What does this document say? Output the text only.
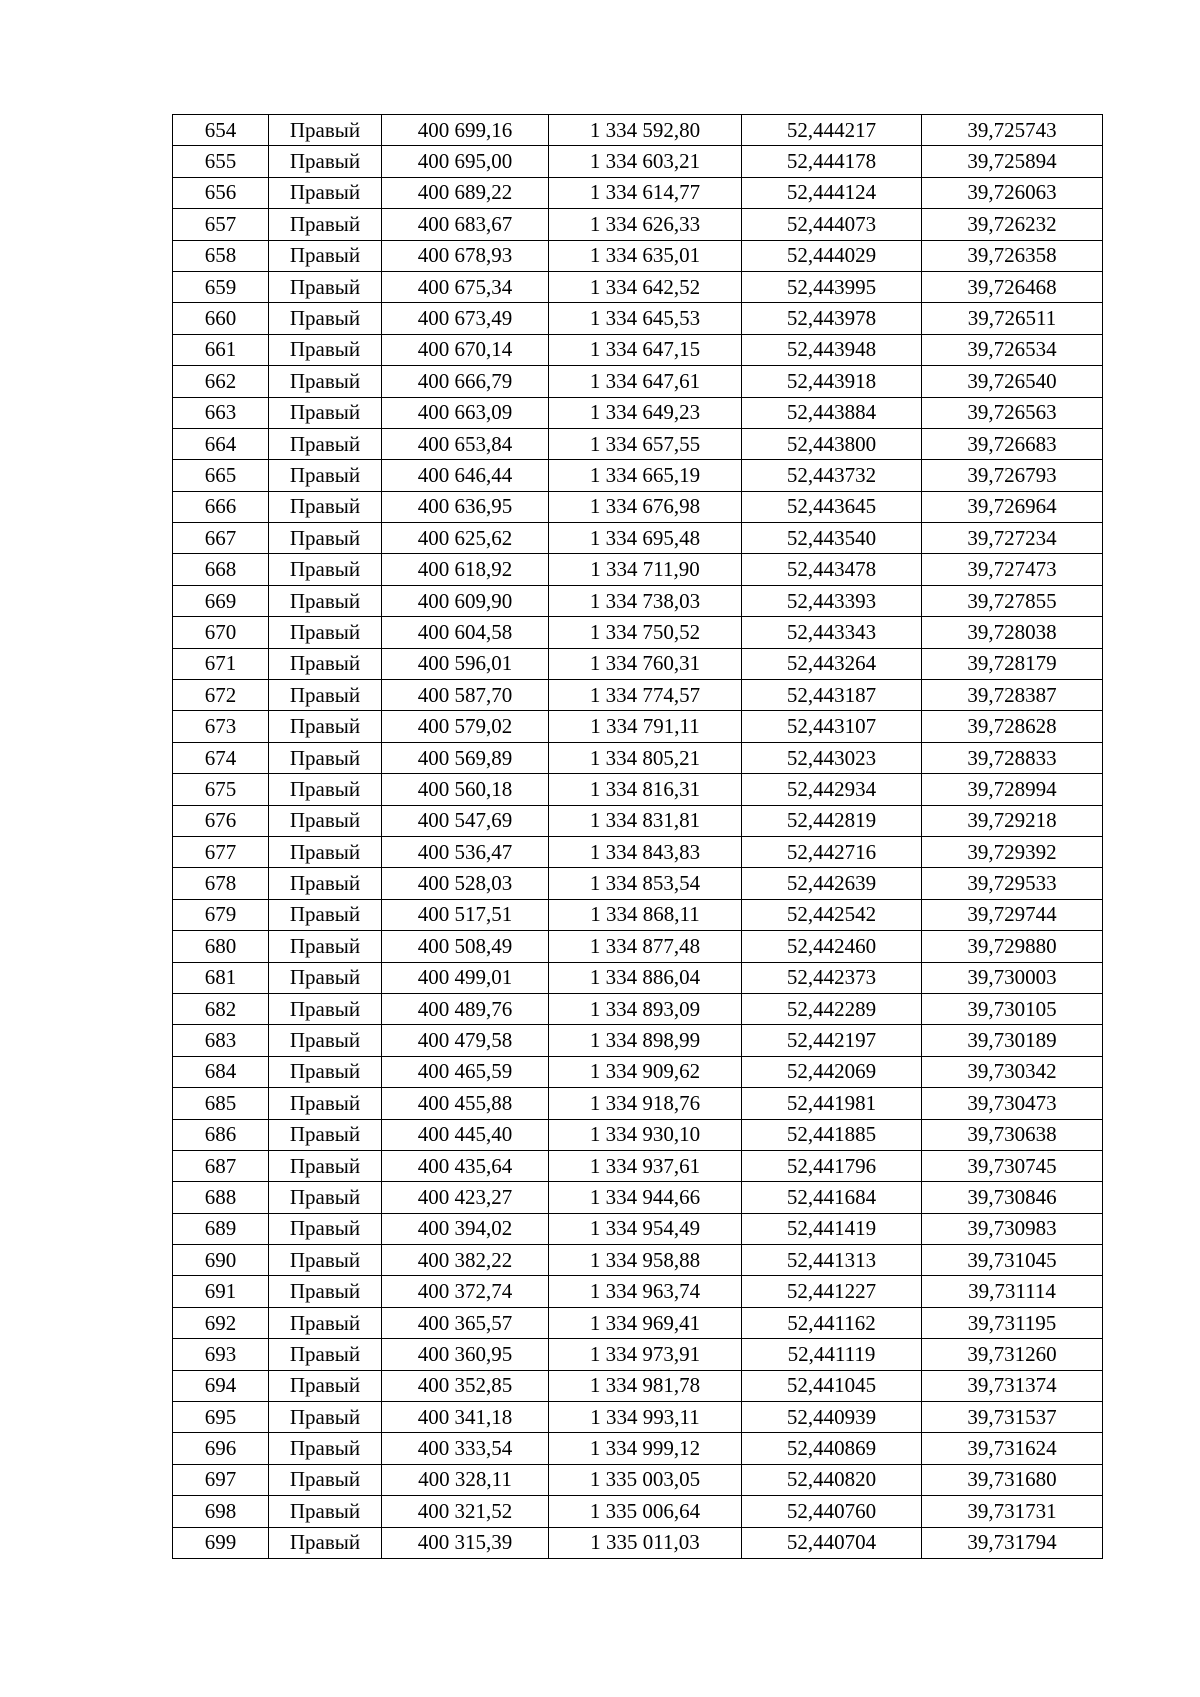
654	Правый	400 699,16	1 334 592,80	52,444217	39,725743
655	Правый	400 695,00	1 334 603,21	52,444178	39,725894
656	Правый	400 689,22	1 334 614,77	52,444124	39,726063
657	Правый	400 683,67	1 334 626,33	52,444073	39,726232
658	Правый	400 678,93	1 334 635,01	52,444029	39,726358
659	Правый	400 675,34	1 334 642,52	52,443995	39,726468
660	Правый	400 673,49	1 334 645,53	52,443978	39,726511
661	Правый	400 670,14	1 334 647,15	52,443948	39,726534
662	Правый	400 666,79	1 334 647,61	52,443918	39,726540
663	Правый	400 663,09	1 334 649,23	52,443884	39,726563
664	Правый	400 653,84	1 334 657,55	52,443800	39,726683
665	Правый	400 646,44	1 334 665,19	52,443732	39,726793
666	Правый	400 636,95	1 334 676,98	52,443645	39,726964
667	Правый	400 625,62	1 334 695,48	52,443540	39,727234
668	Правый	400 618,92	1 334 711,90	52,443478	39,727473
669	Правый	400 609,90	1 334 738,03	52,443393	39,727855
670	Правый	400 604,58	1 334 750,52	52,443343	39,728038
671	Правый	400 596,01	1 334 760,31	52,443264	39,728179
672	Правый	400 587,70	1 334 774,57	52,443187	39,728387
673	Правый	400 579,02	1 334 791,11	52,443107	39,728628
674	Правый	400 569,89	1 334 805,21	52,443023	39,728833
675	Правый	400 560,18	1 334 816,31	52,442934	39,728994
676	Правый	400 547,69	1 334 831,81	52,442819	39,729218
677	Правый	400 536,47	1 334 843,83	52,442716	39,729392
678	Правый	400 528,03	1 334 853,54	52,442639	39,729533
679	Правый	400 517,51	1 334 868,11	52,442542	39,729744
680	Правый	400 508,49	1 334 877,48	52,442460	39,729880
681	Правый	400 499,01	1 334 886,04	52,442373	39,730003
682	Правый	400 489,76	1 334 893,09	52,442289	39,730105
683	Правый	400 479,58	1 334 898,99	52,442197	39,730189
684	Правый	400 465,59	1 334 909,62	52,442069	39,730342
685	Правый	400 455,88	1 334 918,76	52,441981	39,730473
686	Правый	400 445,40	1 334 930,10	52,441885	39,730638
687	Правый	400 435,64	1 334 937,61	52,441796	39,730745
688	Правый	400 423,27	1 334 944,66	52,441684	39,730846
689	Правый	400 394,02	1 334 954,49	52,441419	39,730983
690	Правый	400 382,22	1 334 958,88	52,441313	39,731045
691	Правый	400 372,74	1 334 963,74	52,441227	39,731114
692	Правый	400 365,57	1 334 969,41	52,441162	39,731195
693	Правый	400 360,95	1 334 973,91	52,441119	39,731260
694	Правый	400 352,85	1 334 981,78	52,441045	39,731374
695	Правый	400 341,18	1 334 993,11	52,440939	39,731537
696	Правый	400 333,54	1 334 999,12	52,440869	39,731624
697	Правый	400 328,11	1 335 003,05	52,440820	39,731680
698	Правый	400 321,52	1 335 006,64	52,440760	39,731731
699	Правый	400 315,39	1 335 011,03	52,440704	39,731794
